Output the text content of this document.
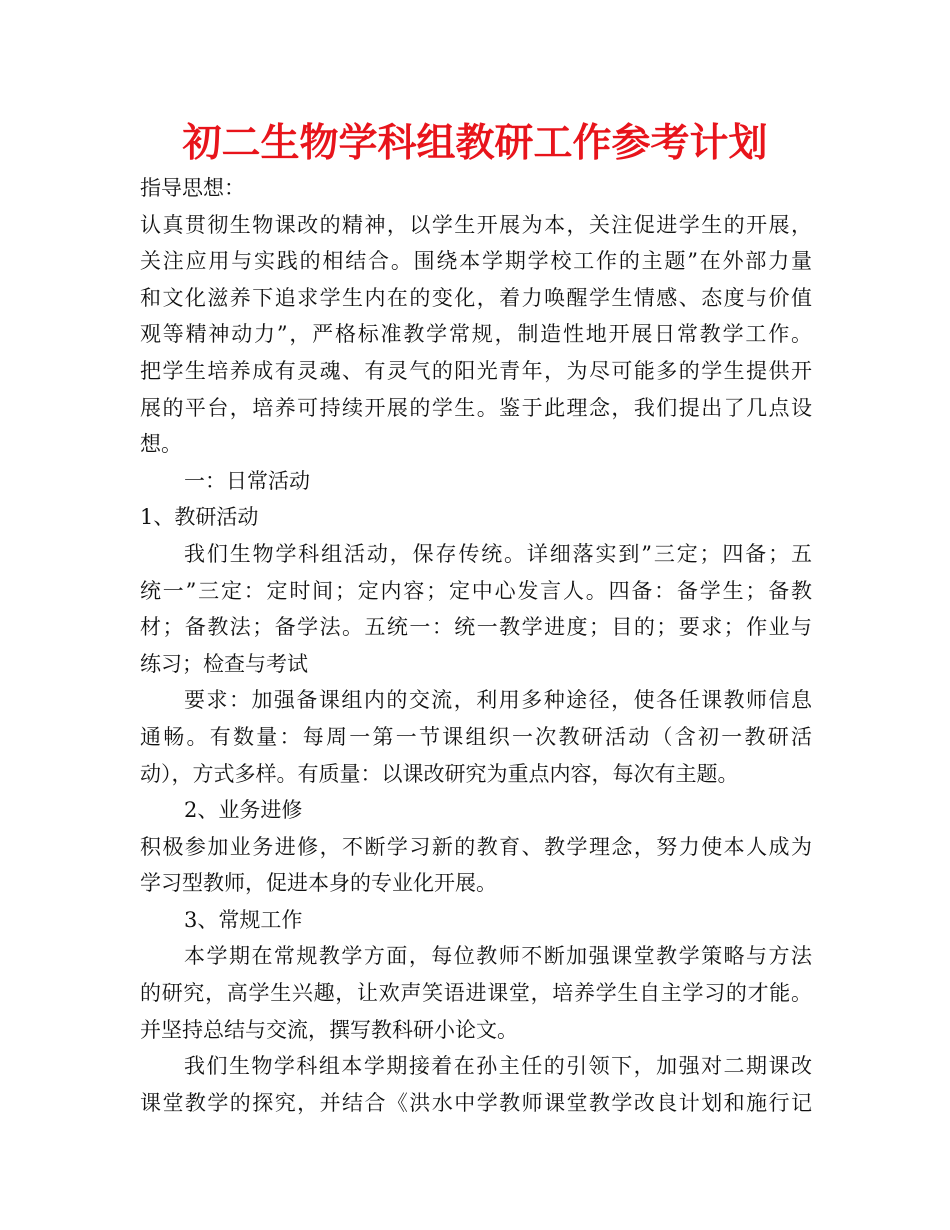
初二生物学科组教研工作参考计划
指导思想：
认真贯彻生物课改的精神，以学生开展为本，关注促进学生的开展，
关注应用与实践的相结合。围绕本学期学校工作的主题”在外部力量
和文化滋养下追求学生内在的变化，着力唤醒学生情感、态度与价值
观等精神动力”，严格标准教学常规，制造性地开展日常教学工作。
把学生培养成有灵魂、有灵气的阳光青年，为尽可能多的学生提供开
展的平台，培养可持续开展的学生。鉴于此理念，我们提出了几点设
想。
一：日常活动
1、教研活动
我们生物学科组活动，保存传统。详细落实到”三定；四备；五
统一”三定：定时间；定内容；定中心发言人。四备：备学生；备教
材；备教法；备学法。五统一：统一教学进度；目的；要求；作业与
练习；检查与考试
要求：加强备课组内的交流，利用多种途径，使各任课教师信息
通畅。有数量：每周一第一节课组织一次教研活动（含初一教研活
动），方式多样。有质量：以课改研究为重点内容，每次有主题。
2、业务进修
积极参加业务进修，不断学习新的教育、教学理念，努力使本人成为
学习型教师，促进本身的专业化开展。
3、常规工作
本学期在常规教学方面，每位教师不断加强课堂教学策略与方法
的研究，高学生兴趣，让欢声笑语进课堂，培养学生自主学习的才能。
并坚持总结与交流，撰写教科研小论文。
我们生物学科组本学期接着在孙主任的引领下，加强对二期课改
课堂教学的探究，并结合《洪水中学教师课堂教学改良计划和施行记
